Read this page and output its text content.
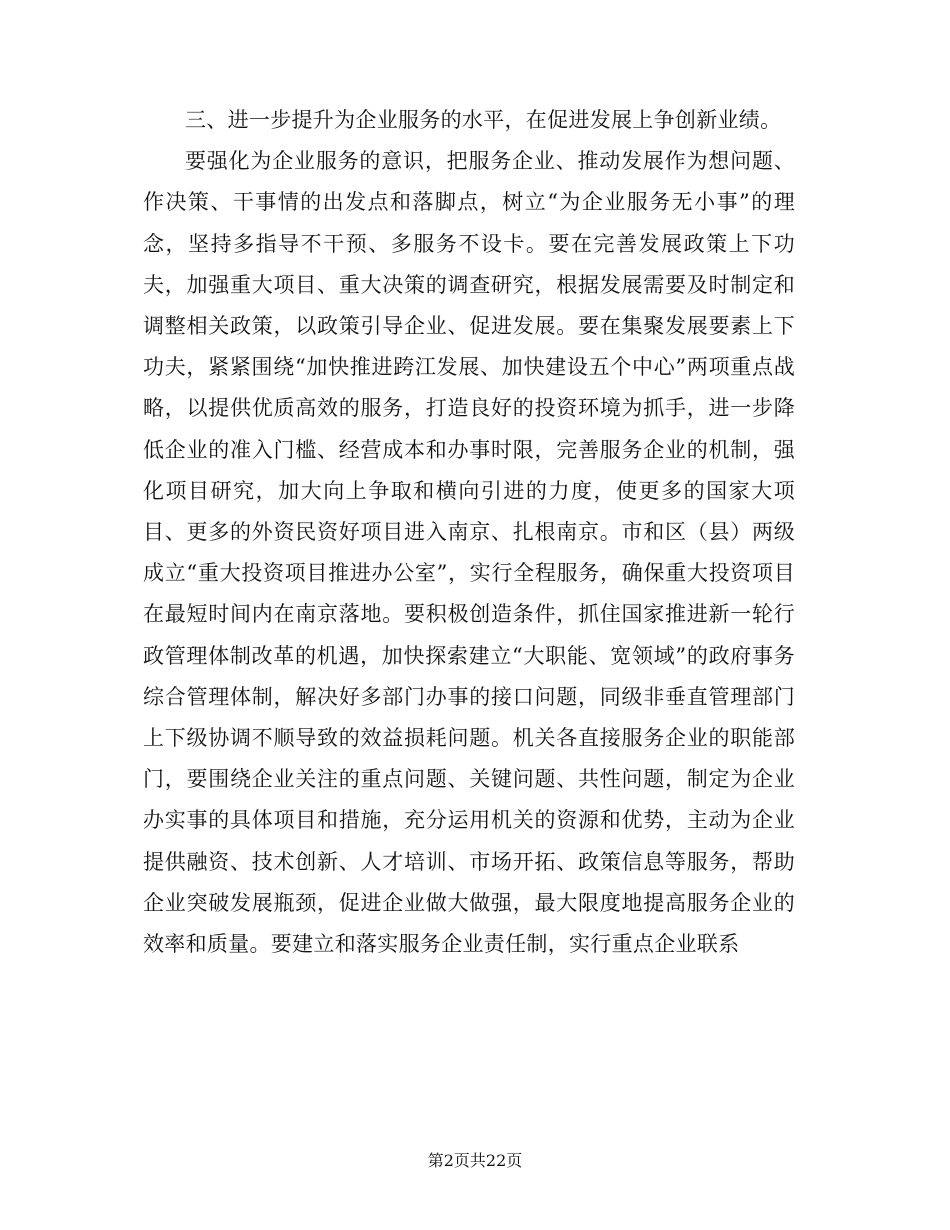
三、进一步提升为企业服务的水平，在促进发展上争创新业绩。

要强化为企业服务的意识，把服务企业、推动发展作为想问题、作决策、干事情的出发点和落脚点，树立“为企业服务无小事”的理念，坚持多指导不干预、多服务不设卡。要在完善发展政策上下功夫，加强重大项目、重大决策的调查研究，根据发展需要及时制定和调整相关政策，以政策引导企业、促进发展。要在集聚发展要素上下功夫，紧紧围绕“加快推进跨江发展、加快建设五个中心”两项重点战略，以提供优质高效的服务，打造良好的投资环境为抓手，进一步降低企业的准入门槛、经营成本和办事时限，完善服务企业的机制，强化项目研究，加大向上争取和横向引进的力度，使更多的国家大项目、更多的外资民资好项目进入南京、扎根南京。市和区（县）两级成立“重大投资项目推进办公室”，实行全程服务，确保重大投资项目在最短时间内在南京落地。要积极创造条件，抓住国家推进新一轮行政管理体制改革的机遇，加快探索建立“大职能、宽领域”的政府事务综合管理体制，解决好多部门办事的接口问题，同级非垂直管理部门上下级协调不顺导致的效益损耗问题。机关各直接服务企业的职能部门，要围绕企业关注的重点问题、关键问题、共性问题，制定为企业办实事的具体项目和措施，充分运用机关的资源和优势，主动为企业提供融资、技术创新、人才培训、市场开拓、政策信息等服务，帮助企业突破发展瓶颈，促进企业做大做强，最大限度地提高服务企业的效率和质量。要建立和落实服务企业责任制，实行重点企业联系

第2页共22页
